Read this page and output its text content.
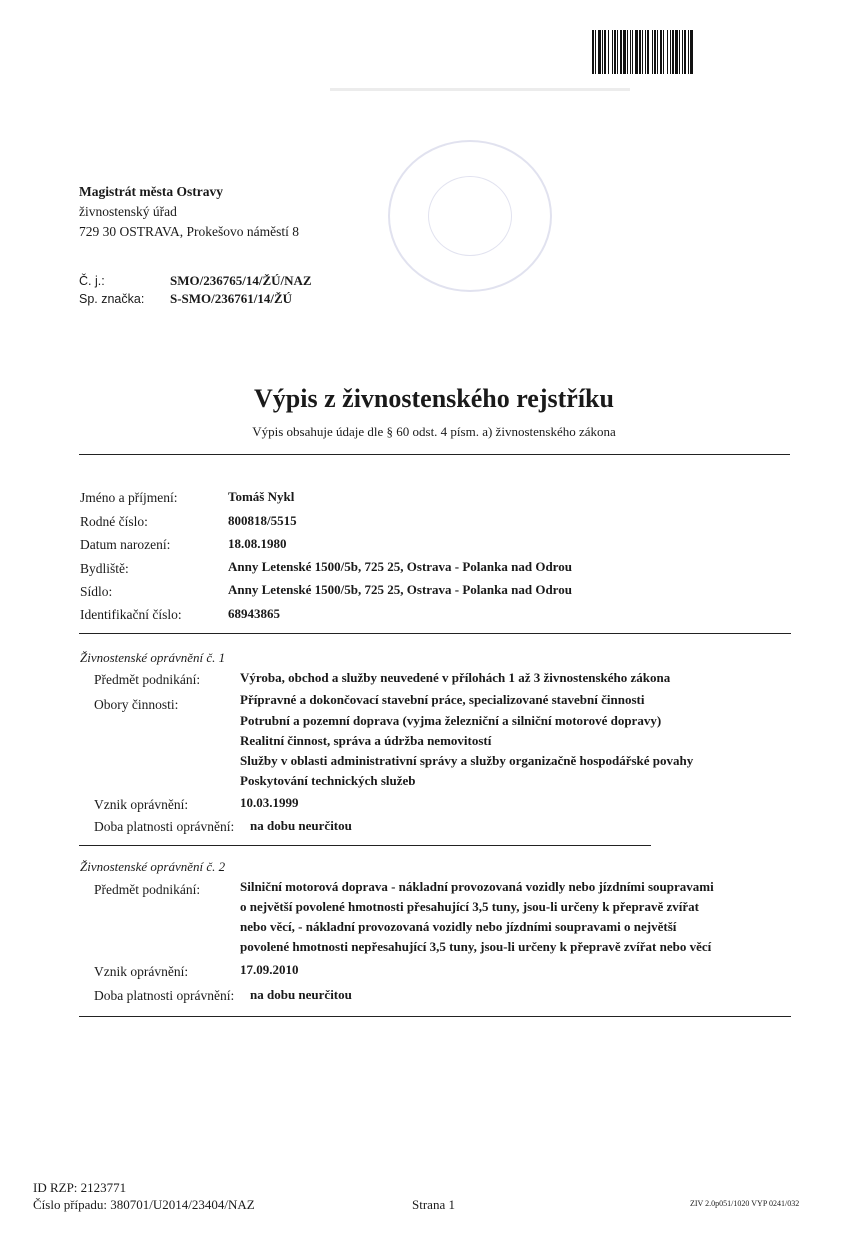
Magistrát města Ostravy
živnostenský úřad
729 30 OSTRAVA, Prokešovo náměstí 8
Č. j.:	SMO/236765/14/ŽÚ/NAZ
Sp. značka: S-SMO/236761/14/ŽÚ
Výpis z živnostenského rejstříku
Výpis obsahuje údaje dle § 60 odst. 4 písm. a) živnostenského zákona
Jméno a příjmení:	Tomáš Nykl
Rodné číslo:	800818/5515
Datum narození:	18.08.1980
Bydliště:	Anny Letenské 1500/5b, 725 25, Ostrava - Polanka nad Odrou
Sídlo:	Anny Letenské 1500/5b, 725 25, Ostrava - Polanka nad Odrou
Identifikační číslo:	68943865
Živnostenské oprávnění č. 1
Předmět podnikání:	Výroba, obchod a služby neuvedené v přílohách 1 až 3 živnostenského zákona
Obory činnosti:	Přípravné a dokončovací stavební práce, specializované stavební činnosti
Potrubní a pozemní doprava (vyjma železniční a silniční motorové dopravy)
Realitní činnost, správa a údržba nemovitostí
Služby v oblasti administrativní správy a služby organizačně hospodářské povahy
Poskytování technických služeb
Vznik oprávnění:	10.03.1999
Doba platnosti oprávnění: na dobu neurčitou
Živnostenské oprávnění č. 2
Předmět podnikání:	Silniční motorová doprava - nákladní provozovaná vozidly nebo jízdními soupravami
o největší povolené hmotnosti přesahující 3,5 tuny, jsou-li určeny k přepravě zvířat
nebo věcí, - nákladní provozovaná vozidly nebo jízdními soupravami o největší
povolené hmotnosti nepřesahující 3,5 tuny, jsou-li určeny k přepravě zvířat nebo věcí
Vznik oprávnění:	17.09.2010
Doba platnosti oprávnění: na dobu neurčitou
ID RZP: 2123771
Číslo případu: 380701/U2014/23404/NAZ	Strana 1	ZIV 2.0p051/1020 VYP 0241/032
